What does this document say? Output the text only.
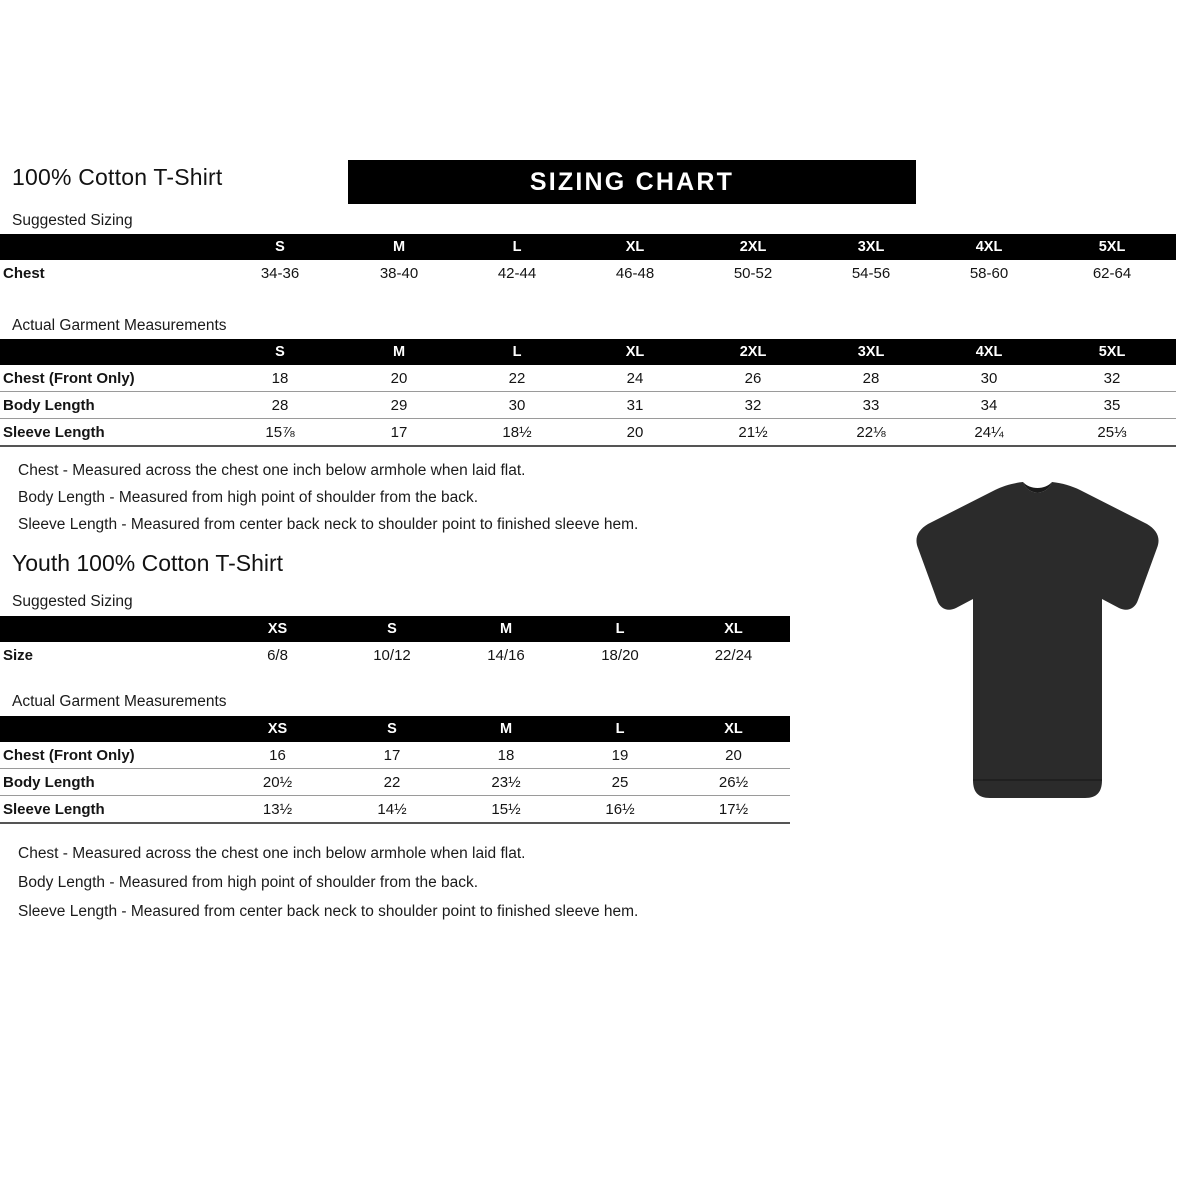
100% Cotton T-Shirt	SIZING CHART
Suggested Sizing
	S	M	L	XL	2XL	3XL	4XL	5XL
Chest	34-36	38-40	42-44	46-48	50-52	54-56	58-60	62-64
Actual Garment Measurements
	S	M	L	XL	2XL	3XL	4XL	5XL
Chest (Front Only)	18	20	22	24	26	28	30	32
Body Length	28	29	30	31	32	33	34	35
Sleeve Length	15⅞	17	18½	20	21½	22⅛	24¼	25⅓
Chest - Measured across the chest one inch below armhole when laid flat.
Body Length - Measured from high point of shoulder from the back.
Sleeve Length - Measured from center back neck to shoulder point to finished sleeve hem.
Youth 100% Cotton T-Shirt
Suggested Sizing
	XS	S	M	L	XL
Size	6/8	10/12	14/16	18/20	22/24
Actual Garment Measurements
	XS	S	M	L	XL
Chest (Front Only)	16	17	18	19	20
Body Length	20½	22	23½	25	26½
Sleeve Length	13½	14½	15½	16½	17½
Chest - Measured across the chest one inch below armhole when laid flat.
Body Length - Measured from high point of shoulder from the back.
Sleeve Length - Measured from center back neck to shoulder point to finished sleeve hem.
